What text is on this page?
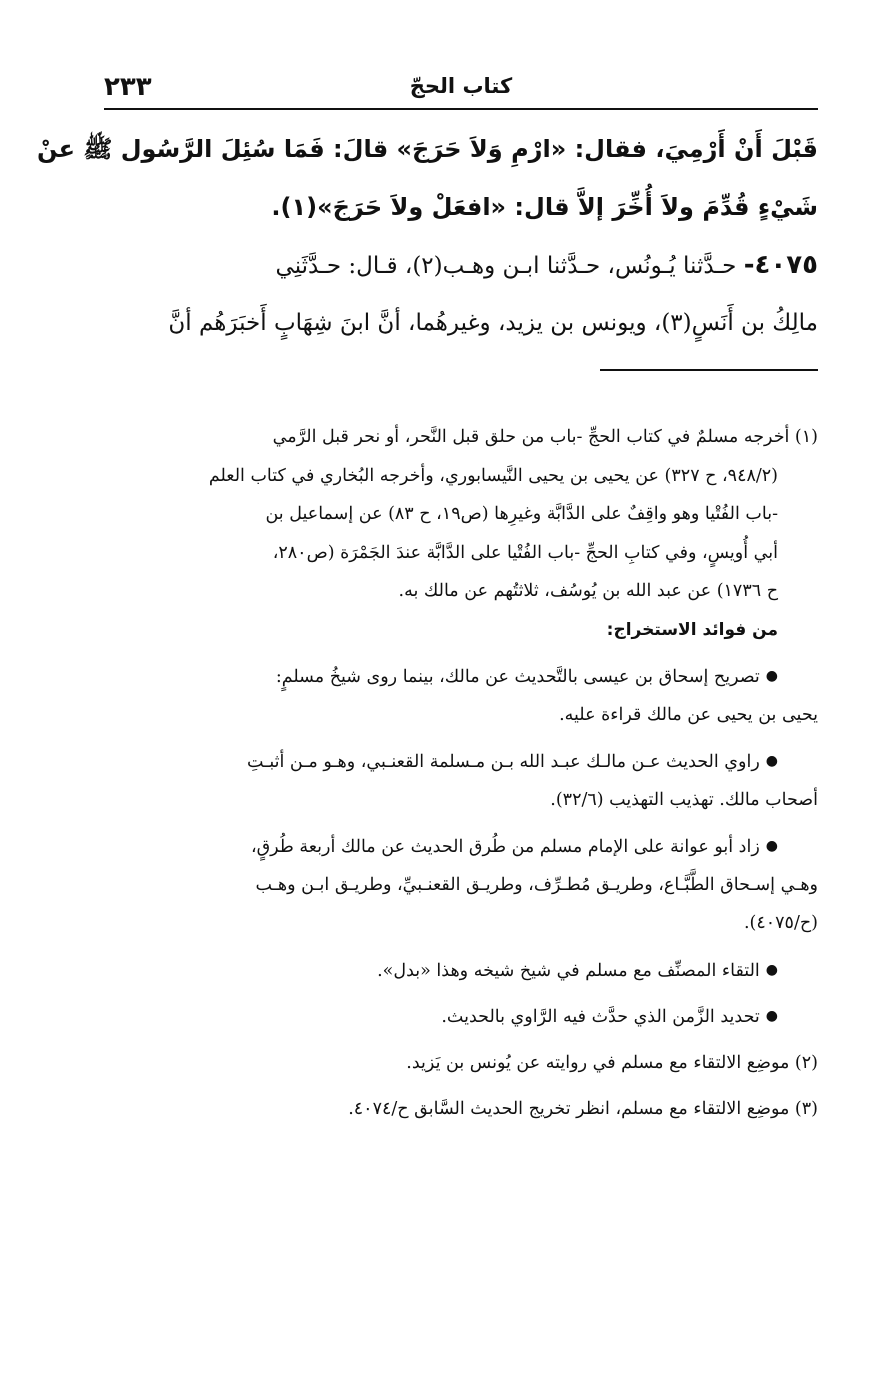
٢٣٣	كتاب الحجّ
قَبْلَ أَنْ أَرْمِيَ، فقال: «ارْمِ وَلاَ حَرَجَ» قالَ: فَمَا سُئِلَ الرَّسُول ﷺ عنْ
شَيْءٍ قُدِّمَ ولاَ أُخِّرَ إلاَّ قال: «افعَلْ ولاَ حَرَجَ»(١).
٤٠٧٥- حـدَّثنا يُـونُس، حـدَّثنا ابـن وهـب(٢)، قـال: حـدَّثَنِي
مالِكُ بن أَنَسٍ(٣)، ويونس بن يزيد، وغيرهُما، أنَّ ابنَ شِهَابٍ أَخبَرَهُم أنَّ
(١) أخرجه مسلمٌ في كتاب الحجِّ -باب من حلق قبل النَّحر، أو نحر قبل الرَّمي
(٩٤٨/٢، ح ٣٢٧) عن يحيى بن يحيى النَّيسابوري، وأخرجه البُخاري في كتاب العلم
-باب الفُتْيا وهو واقِفٌ على الدَّابَّة وغيرِها (ص١٩، ح ٨٣) عن إسماعيل بن
أبي أُويسٍ، وفي كتابِ الحجِّ -باب الفُتْيا على الدَّابَّة عندَ الجَمْرَة (ص٢٨٠،
ح ١٧٣٦) عن عبد الله بن يُوسُف، ثلاثتُهم عن مالك به.
من فوائد الاستخراج:
●تصريح إسحاق بن عيسى بالتَّحديث عن مالك، بينما روى شيخُ مسلمٍ:
يحيى بن يحيى عن مالك قراءة عليه.
●راوي الحديث عـن مالـك عبـد الله بـن مـسلمة القعنـبي، وهـو مـن أثبـتِ
أصحاب مالك. تهذيب التهذيب (٣٢/٦).
●زاد أبو عوانة على الإمام مسلم من طُرق الحديث عن مالك أربعة طُرقٍ،
وهـي إسـحاق الطَّبَّـاع، وطريـق مُطـرِّف، وطريـق القعنـبيِّ، وطريـق ابـن وهـب
(ح/٤٠٧٥).
●التقاء المصنِّف مع مسلم في شيخ شيخه وهذا «بدل».
●تحديد الزَّمن الذي حدَّث فيه الرَّاوي بالحديث.
(٢) موضِع الالتقاء مع مسلم في روايته عن يُونس بن يَزيد.
(٣) موضِع الالتقاء مع مسلم، انظر تخريج الحديث السَّابق ح/٤٠٧٤.
